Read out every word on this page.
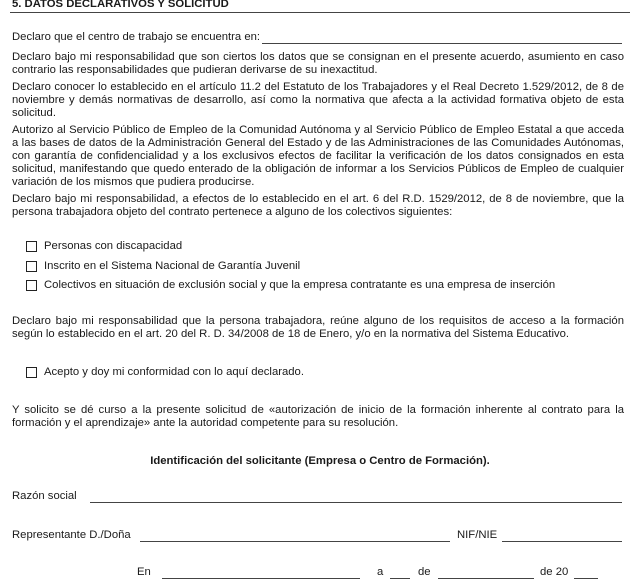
5. DATOS DECLARATIVOS Y SOLICITUD
Declaro que el centro de trabajo se encuentra en:
Declaro bajo mi responsabilidad que son ciertos los datos que se consignan en el presente acuerdo, asumiento en caso contrario las responsabilidades que pudieran derivarse de su inexactitud.
Declaro conocer lo establecido en el artículo 11.2 del Estatuto de los Trabajadores y el Real Decreto 1.529/2012, de 8 de noviembre y demás normativas de desarrollo, así como la normativa que afecta a la actividad formativa objeto de esta solicitud.
Autorizo al Servicio Público de Empleo de la Comunidad Autónoma y al Servicio Público de Empleo Estatal a que acceda a las bases de datos de la Administración General del Estado y de las Administraciones de las Comunidades Autónomas, con garantía de confidencialidad y a los exclusivos efectos de facilitar la verificación de los datos consignados en esta solicitud, manifestando que quedo enterado de la obligación de informar a los Servicios Públicos de Empleo de cualquier variación de los mismos que pudiera producirse.
Declaro bajo mi responsabilidad, a efectos de lo establecido en el art. 6 del R.D. 1529/2012, de 8 de noviembre, que la persona trabajadora objeto del contrato pertenece a alguno de los colectivos siguientes:
Personas con discapacidad
Inscrito en el Sistema Nacional de Garantía Juvenil
Colectivos en situación de exclusión social y que la empresa contratante es una empresa de inserción
Declaro bajo mi responsabilidad que la persona trabajadora, reúne alguno de los requisitos de acceso a la formación según lo establecido en el art. 20 del R. D. 34/2008 de 18 de Enero, y/o en la normativa del Sistema Educativo.
Acepto y doy mi conformidad con lo aquí declarado.
Y solicito se dé curso a la presente solicitud de «autorización de inicio de la formación inherente al contrato para la formación y el aprendizaje» ante la autoridad competente para su resolución.
Identificación del solicitante (Empresa o Centro de Formación).
Razón social
Representante D./Doña	NIF/NIE
En	a	de	de 20
